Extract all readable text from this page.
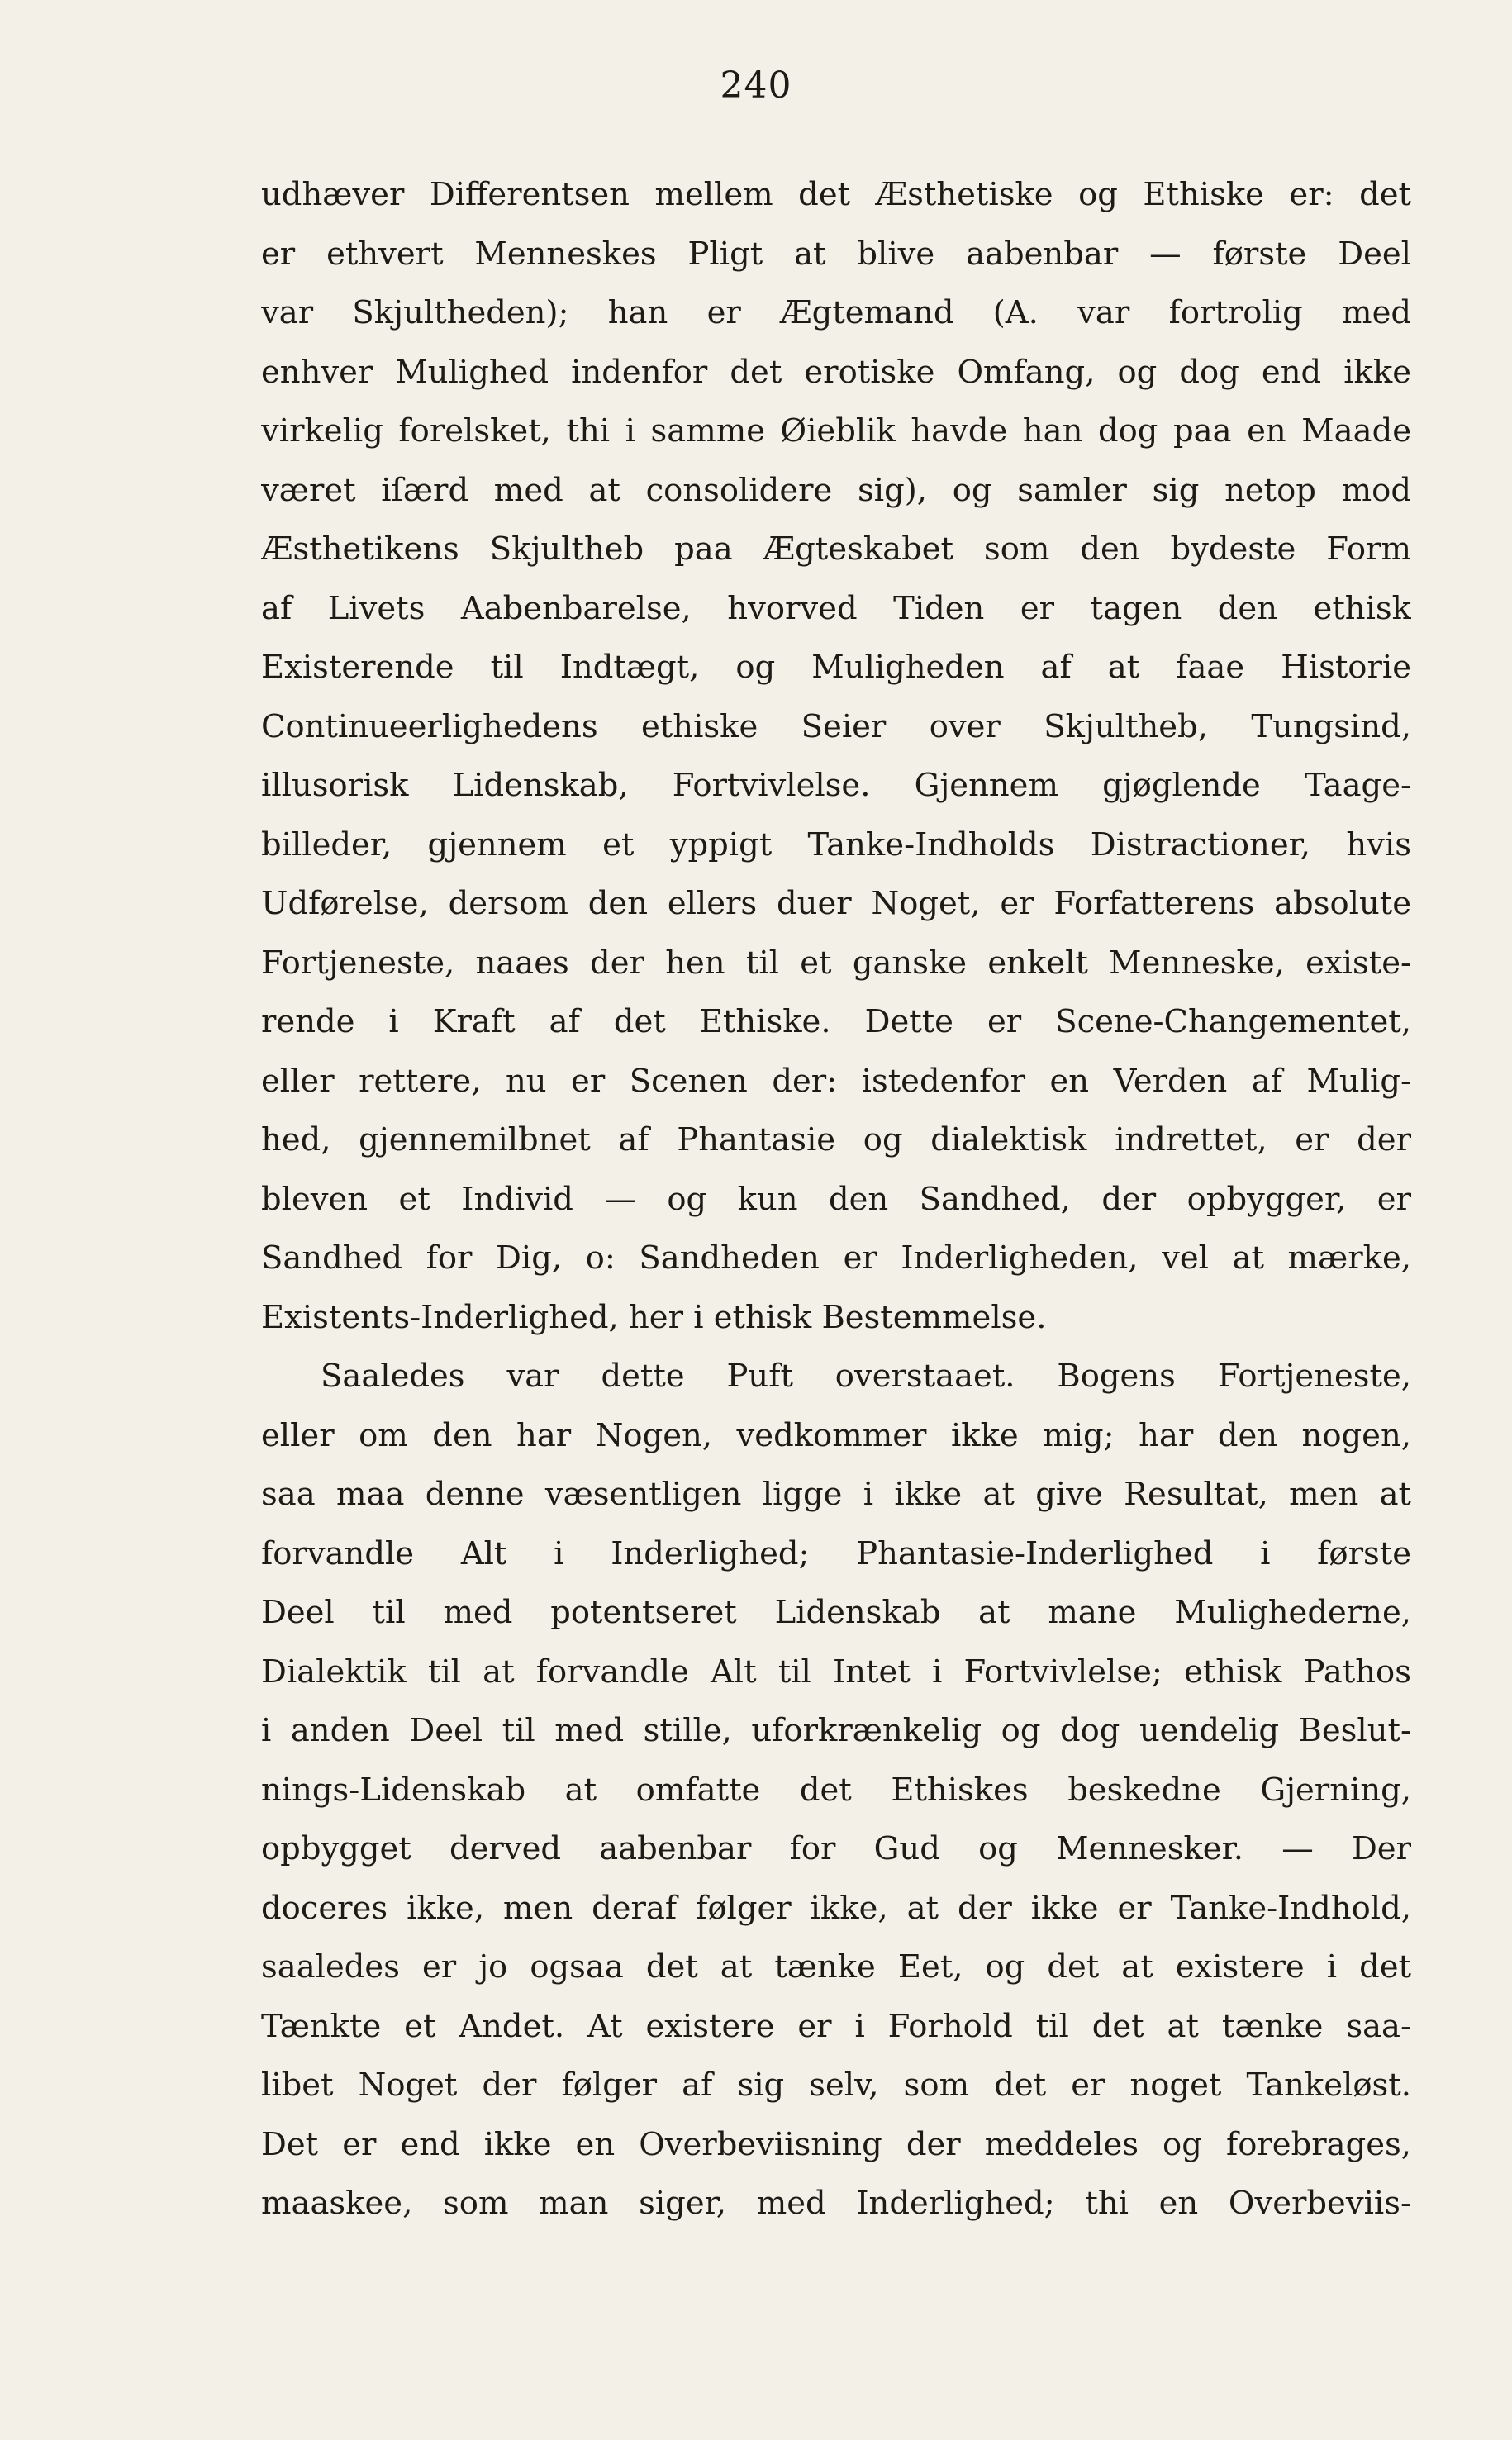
240
udhæver Differentsen mellem det Æsthetiske og Ethiske er: det
er ethvert Menneskes Pligt at blive aabenbar — første Deel
var Skjultheden); han er Ægtemand (A. var fortrolig med
enhver Mulighed indenfor det erotiske Omfang, og dog end ikke
virkelig forelsket, thi i samme Øieblik havde han dog paa en Maade
været iſærd med at consolidere sig), og samler sig netop mod
Æsthetikens Skjultheb paa Ægteskabet som den bydeste Form
af Livets Aabenbarelse, hvorved Tiden er tagen den ethisk
Existerende til Indtægt, og Muligheden af at faae Historie
Continueerlighedens ethiske Seier over Skjultheb, Tungsind,
illusorisk Lidenskab, Fortvivlelse. Gjennem gjøglende Taage-
billeder, gjennem et yppigt Tanke-Indholds Distractioner, hvis
Udførelse, dersom den ellers duer Noget, er Forfatterens absolute
Fortjeneste, naaes der hen til et ganske enkelt Menneske, existe-
rende i Kraft af det Ethiske. Dette er Scene-Changementet,
eller rettere, nu er Scenen der: istedenfor en Verden af Mulig-
hed, gjennemilbnet af Phantasie og dialektisk indrettet, er der
bleven et Individ — og kun den Sandhed, der opbygger, er
Sandhed for Dig, o: Sandheden er Inderligheden, vel at mærke,
Existents-Inderlighed, her i ethisk Bestemmelse.
Saaledes var dette Puft overstaaet. Bogens Fortjeneste,
eller om den har Nogen, vedkommer ikke mig; har den nogen,
saa maa denne væsentligen ligge i ikke at give Resultat, men at
forvandle Alt i Inderlighed; Phantasie-Inderlighed i første
Deel til med potentseret Lidenskab at mane Mulighederne,
Dialektik til at forvandle Alt til Intet i Fortvivlelse; ethisk Pathos
i anden Deel til med stille, uforkrænkelig og dog uendelig Beslut-
nings-Lidenskab at omfatte det Ethiskes beskedne Gjerning,
opbygget derved aabenbar for Gud og Mennesker. — Der
doceres ikke, men deraf følger ikke, at der ikke er Tanke-Indhold,
saaledes er jo ogsaa det at tænke Eet, og det at existere i det
Tænkte et Andet. At existere er i Forhold til det at tænke saa-
libet Noget der følger af sig selv, som det er noget Tankeløst.
Det er end ikke en Overbeviisning der meddeles og forebrages,
maaskee, som man siger, med Inderlighed; thi en Overbeviis-
